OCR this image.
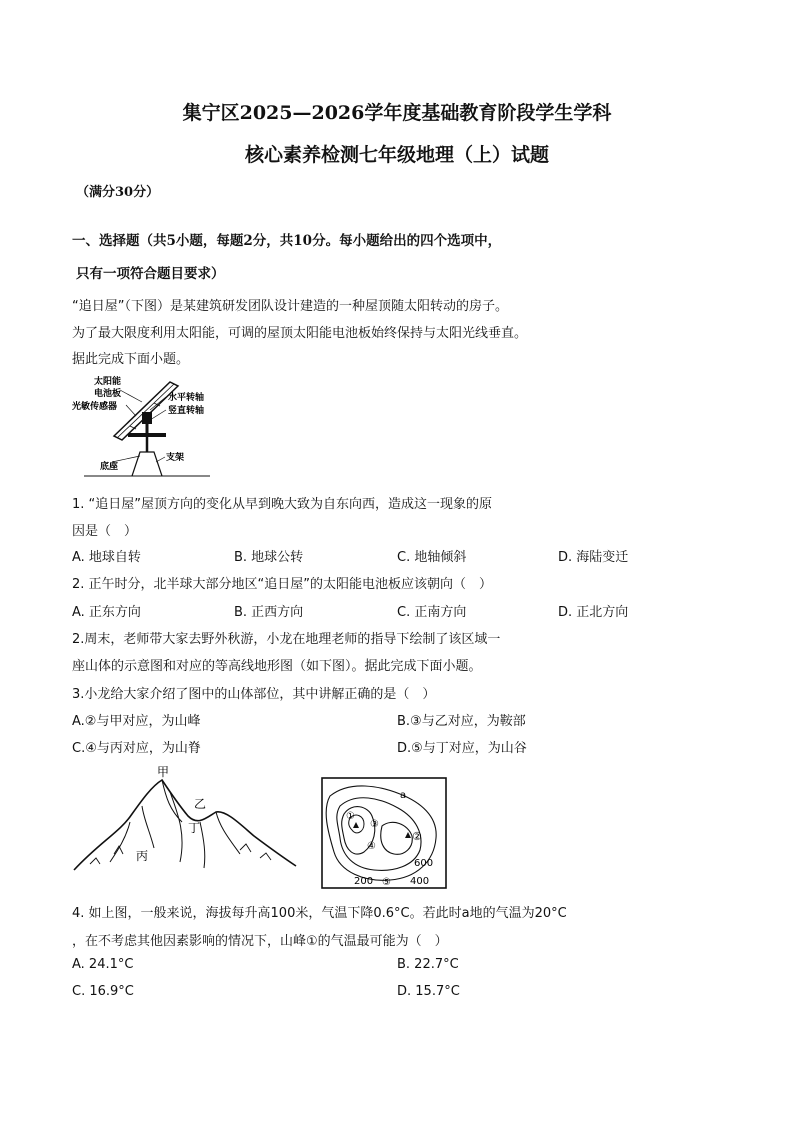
集宁区2025—2026学年度基础教育阶段学生学科
核心素养检测七年级地理（上）试题
（满分30分）
一、选择题（共5小题，每题2分，共10分。每小题给出的四个选项中，
只有一项符合题目要求）
“追日屋”（下图）是某建筑研发团队设计建造的一种屋顶随太阳转动的房子。
为了最大限度利用太阳能，可调的屋顶太阳能电池板始终保持与太阳光线垂直。
据此完成下面小题。
太阳能
电池板
光敏传感器
水平转轴
竖直转轴
底座
支架
1. “追日屋”屋顶方向的变化从早到晚大致为自东向西，造成这一现象的原
因是（　）
A. 地球自转	B. 地球公转	C. 地轴倾斜	D. 海陆变迁
2. 正午时分，北半球大部分地区“追日屋”的太阳能电池板应该朝向（　）
A. 正东方向	B. 正西方向	C. 正南方向	D. 正北方向
2.周末，老师带大家去野外秋游，小龙在地理老师的指导下绘制了该区域一
座山体的示意图和对应的等高线地形图（如下图）。据此完成下面小题。
3.小龙给大家介绍了图中的山体部位，其中讲解正确的是（　）
A.②与甲对应，为山峰	B.③与乙对应，为鞍部
C.④与丙对应，为山脊	D.⑤与丁对应，为山谷
甲
乙
丁
丙
a
①
②
③
④
⑤
200	400
600
4. 如上图，一般来说，海拔每升高100米，气温下降0.6°C。若此时a地的气温为20°C
，在不考虑其他因素影响的情况下，山峰①的气温最可能为（　）
A. 24.1°C	B. 22.7°C
C. 16.9°C	D. 15.7°C
